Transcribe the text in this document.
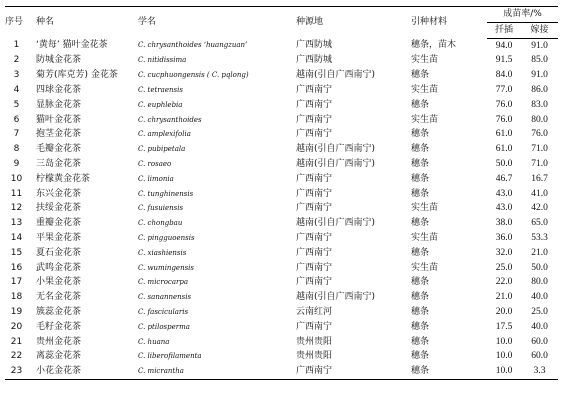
序号	种名	学名	种源地	引种材料	成苗率/%	
					扦插	嫁接
1	‘黄每’ 猫叶金花茶	C. chrysanthoides ‘huangzuan’	广西防城	穗条，苗木	94.0	91.0
2	防城金花茶	C. nitidissima	广西防城	实生苗	91.5	85.0
3	菊芳(库克芳) 金花茶	C. cucphuongensis ( C. pqlong)	越南(引自广西南宁)	穗条	84.0	91.0
4	四球金花茶	C. tetraensis	广西南宁	实生苗	77.0	86.0
5	显脉金花茶	C. euphlebia	广西南宁	穗条	76.0	83.0
6	猫叶金花茶	C. chrysanthoides	广西南宁	实生苗	76.0	80.0
7	抱茎金花茶	C. amplexifolia	广西南宁	穗条	61.0	76.0
8	毛瓣金花茶	C. pubipetala	越南(引自广西南宁)	穗条	61.0	71.0
9	三岛金花茶	C. rosaeo	越南(引自广西南宁)	穗条	50.0	71.0
10	柠檬黄金花茶	C. limonia	广西南宁	穗条	46.7	16.7
11	东兴金花茶	C. tunghinensis	广西南宁	穗条	43.0	41.0
12	扶绥金花茶	C. fusuiensis	广西南宁	实生苗	43.0	42.0
13	重瓣金花茶	C. chongbau	越南(引自广西南宁)	穗条	38.0	65.0
14	平果金花茶	C. pingguoensis	广西南宁	实生苗	36.0	53.3
15	夏石金花茶	C. xiashiensis	广西南宁	穗条	32.0	21.0
16	武鸣金花茶	C. wumingensis	广西南宁	实生苗	25.0	50.0
17	小果金花茶	C. microcarpa	广西南宁	穗条	22.0	80.0
18	无名金花茶	C. sanannensis	越南(引自广西南宁)	穗条	21.0	40.0
19	簇蕊金花茶	C. fascicularis	云南红河	穗条	20.0	25.0
20	毛籽金花茶	C. ptilosperma	广西南宁	穗条	17.5	40.0
21	贵州金花茶	C. huana	贵州贵阳	穗条	10.0	60.0
22	离蕊金花茶	C. liberofilamenta	贵州贵阳	穗条	10.0	60.0
23	小花金花茶	C. micrantha	广西南宁	穗条	10.0	3.3
